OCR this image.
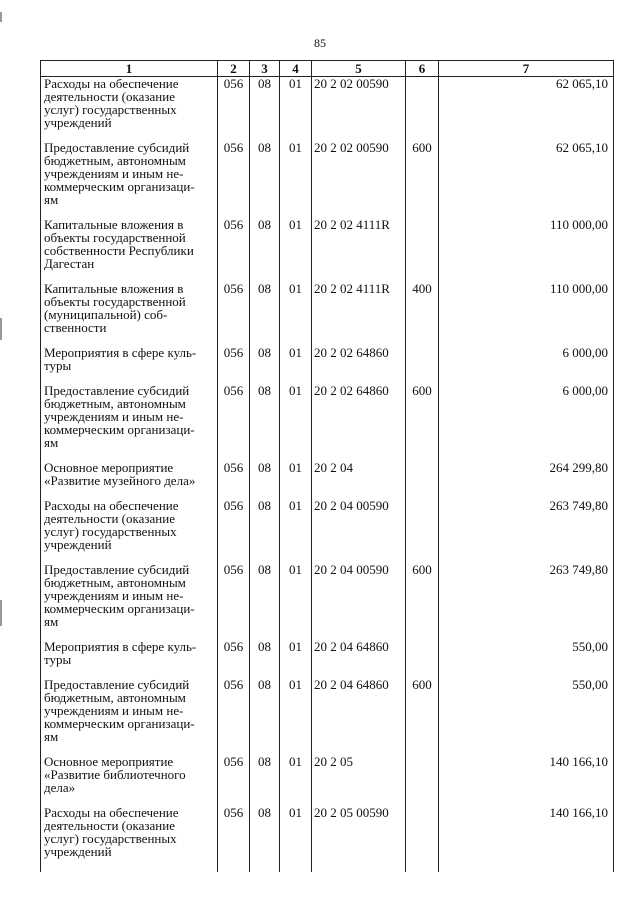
85
1	2	3	4	5	6	7

Расходы на обеспечение
деятельности (оказание
услуг) государственных
учреждений	056	08	01	20 2 02 00590		62 065,10

Предоставление субсидий
бюджетным, автономным
учреждениям и иным не-
коммерческим организаци-
ям	056	08	01	20 2 02 00590	600	62 065,10

Капитальные вложения в
объекты государственной
собственности Республики
Дагестан	056	08	01	20 2 02 4111R		110 000,00

Капитальные вложения в
объекты государственной
(муниципальной) соб-
ственности	056	08	01	20 2 02 4111R	400	110 000,00

Мероприятия в сфере куль-
туры	056	08	01	20 2 02 64860		6 000,00

Предоставление субсидий
бюджетным, автономным
учреждениям и иным не-
коммерческим организаци-
ям	056	08	01	20 2 02 64860	600	6 000,00

Основное мероприятие
«Развитие музейного дела»	056	08	01	20 2 04		264 299,80

Расходы на обеспечение
деятельности (оказание
услуг) государственных
учреждений	056	08	01	20 2 04 00590		263 749,80

Предоставление субсидий
бюджетным, автономным
учреждениям и иным не-
коммерческим организаци-
ям	056	08	01	20 2 04 00590	600	263 749,80

Мероприятия в сфере куль-
туры	056	08	01	20 2 04 64860		550,00

Предоставление субсидий
бюджетным, автономным
учреждениям и иным не-
коммерческим организаци-
ям	056	08	01	20 2 04 64860	600	550,00

Основное мероприятие
«Развитие библиотечного
дела»	056	08	01	20 2 05		140 166,10

Расходы на обеспечение
деятельности (оказание
услуг) государственных
учреждений	056	08	01	20 2 05 00590		140 166,10
